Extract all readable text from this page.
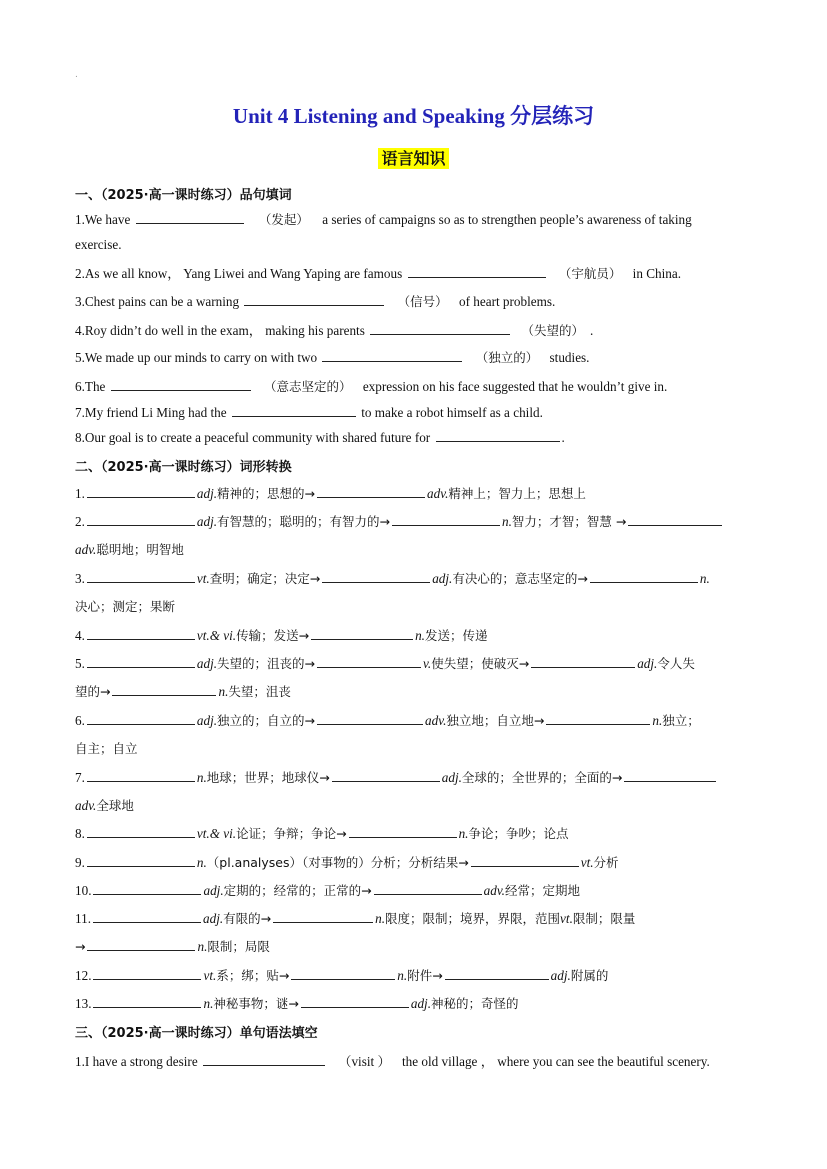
.
Unit 4 Listening and Speaking 分层练习
语言知识
一、（2025·高一课时练习）品句填词
1.We have	（发起） a series of campaigns so as to strengthen people’s awareness of taking
exercise.
2.As we all know， Yang Liwei and Wang Yaping are famous	（宇航员） in China.
3.Chest pains can be a warning	（信号） of heart problems.
4.Roy didn’t do well in the exam， making his parents	（失望的） .
5.We made up our minds to carry on with two	（独立的） studies.
6.The	（意志坚定的） expression on his face suggested that he wouldn’t give in.
7.My friend Li Ming had the	to make a robot himself as a child.
8.Our goal is to create a peaceful community with shared future for	.
二、（2025·高一课时练习）词形转换
1.	adj.精神的；思想的→	adv.精神上；智力上；思想上
2.	adj.有智慧的；聪明的；有智力的→	n.智力；才智；智慧 →
adv.聪明地；明智地
3.	vt.查明；确定；决定→	adj.有决心的；意志坚定的→	n.
决心；测定；果断
4.	vt.& vi.传输；发送→	n.发送；传递
5.	adj.失望的；沮丧的→	v.使失望；使破灭→	adj.令人失
望的→	n.失望；沮丧
6.	adj.独立的；自立的→	adv.独立地；自立地→	n.独立；
自主；自立
7.	n.地球；世界；地球仪→	adj.全球的；全世界的；全面的→
adv.全球地
8.	vt.& vi.论证；争辩；争论→	n.争论；争吵；论点
9.	n.（pl.analyses）（对事物的）分析；分析结果→	vt.分析
10.	adj.定期的；经常的；正常的→	adv.经常；定期地
11.	adj.有限的→	n.限度；限制；境界，界限，范围vt.限制；限量
→	n.限制；局限
12.	vt.系；绑；贴→	n.附件→	adj.附属的
13.	n.神秘事物；谜→	adj.神秘的；奇怪的
三、（2025·高一课时练习）单句语法填空
1.I have a strong desire	（visit ） the old village ， where you can see the beautiful scenery.
